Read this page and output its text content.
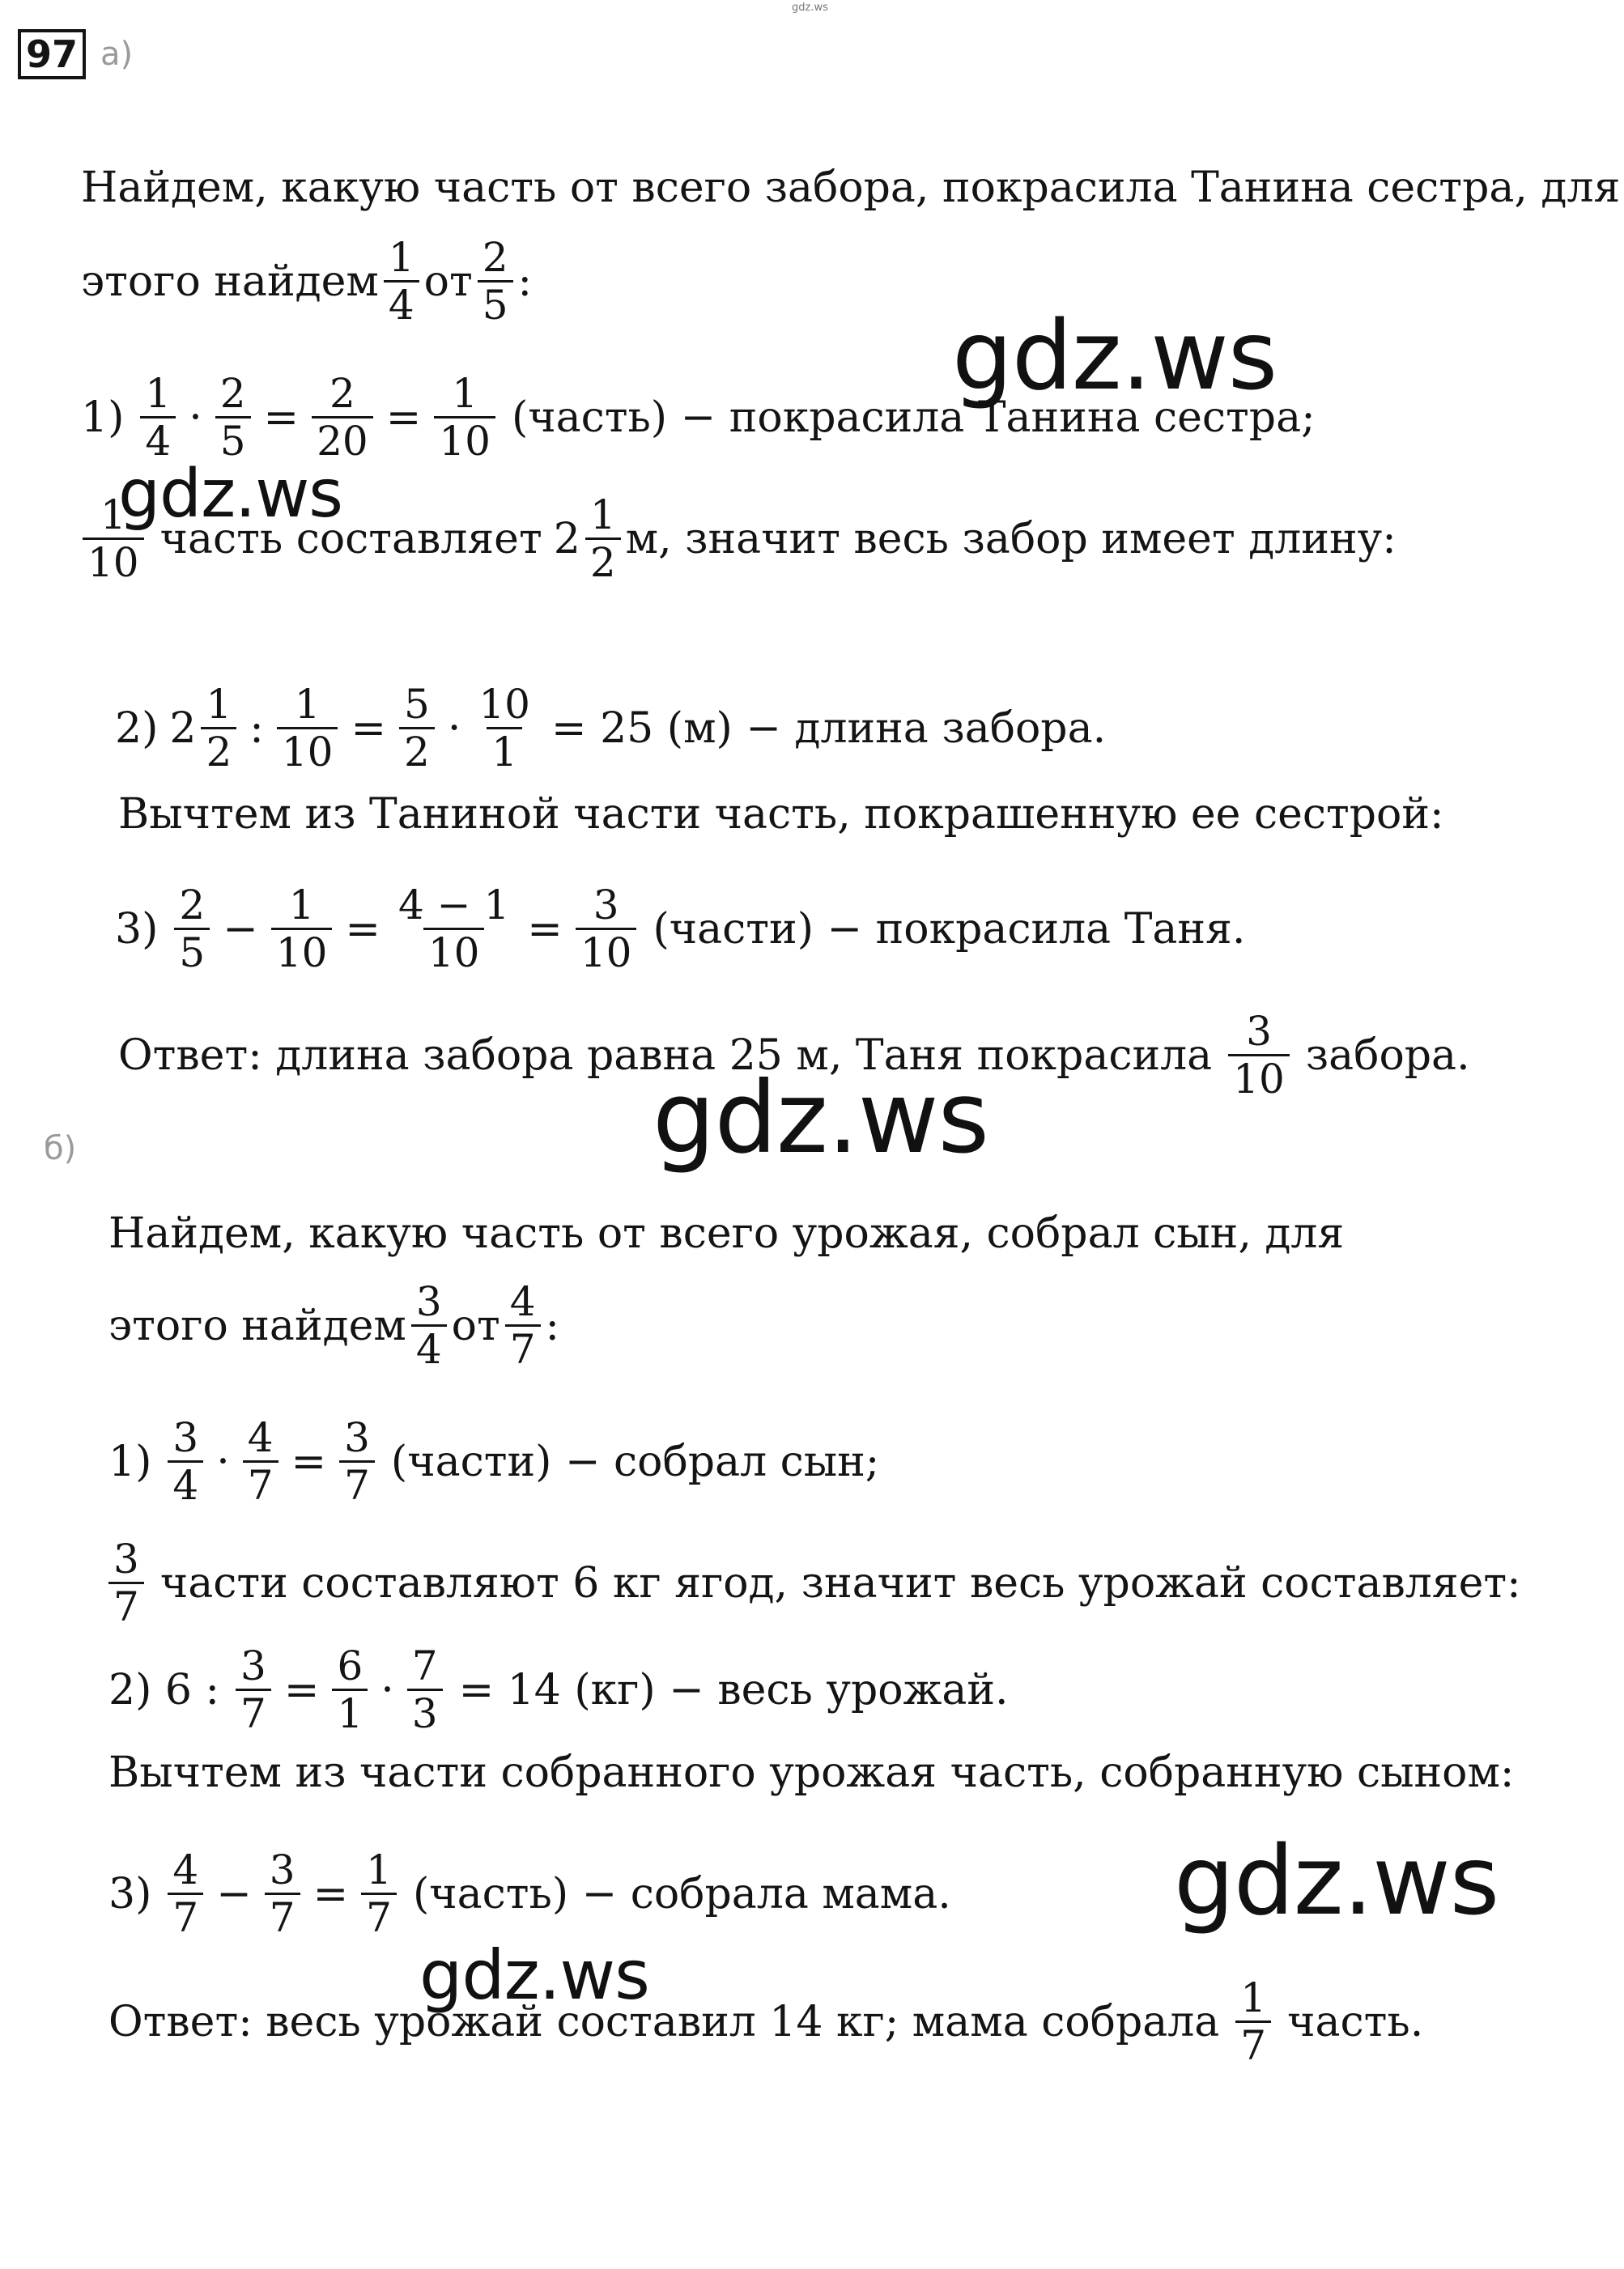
gdz.ws
97 а)
Найдем, какую часть от всего забора, покрасила Танина сестра, для
этого найдем $\frac{1}{4}$ от $\frac{2}{5}$ :
$1) \frac{1}{4} \cdot \frac{2}{5} = \frac{2}{20} = \frac{1}{10}$ (часть) − покрасила Танина сестра;
$\frac{1}{10}$ часть составляет $2 \frac{1}{2} м$, значит весь забор имеет длину:
2) $2 \frac{1}{2}$ : $\frac{1}{10} = \frac{5}{2} \cdot \frac{10}{1} = 25$ (м) − длина забора.
Вычтем из Таниной части часть, покрашенную ее сестрой:
$3) \frac{2}{5} - \frac{1}{10} = \frac{4 - 1}{10} = \frac{3}{10}$ (части) − покрасила Таня.
Ответ: длина забора равна 25 м, Таня покрасила $\frac{3}{10}$ забора.
б)
Найдем, какую часть от всего урожая, собрал сын, для
этого найдем $\frac{3}{4}$ от $\frac{4}{7}$ :
$1) \frac{3}{4} \cdot \frac{4}{7} = \frac{3}{7}$ (части) − собрал сын;
$\frac{3}{7}$ части составляют 6 кг ягод, значит весь урожай составляет:
2) 6 : $\frac{3}{7} = \frac{6}{1} \cdot \frac{7}{3} = 14$ (кг) − весь урожай.
Вычтем из части собранного урожая часть, собранную сыном:
$3) \frac{4}{7} - \frac{3}{7} = \frac{1}{7}$ (часть) − собрала мама.
Ответ: весь урожай составил 14 кг; мама собрала $\frac{1}{7}$ часть.
gdz.ws
gdz.ws
gdz.ws
gdz.ws
gdz.ws
